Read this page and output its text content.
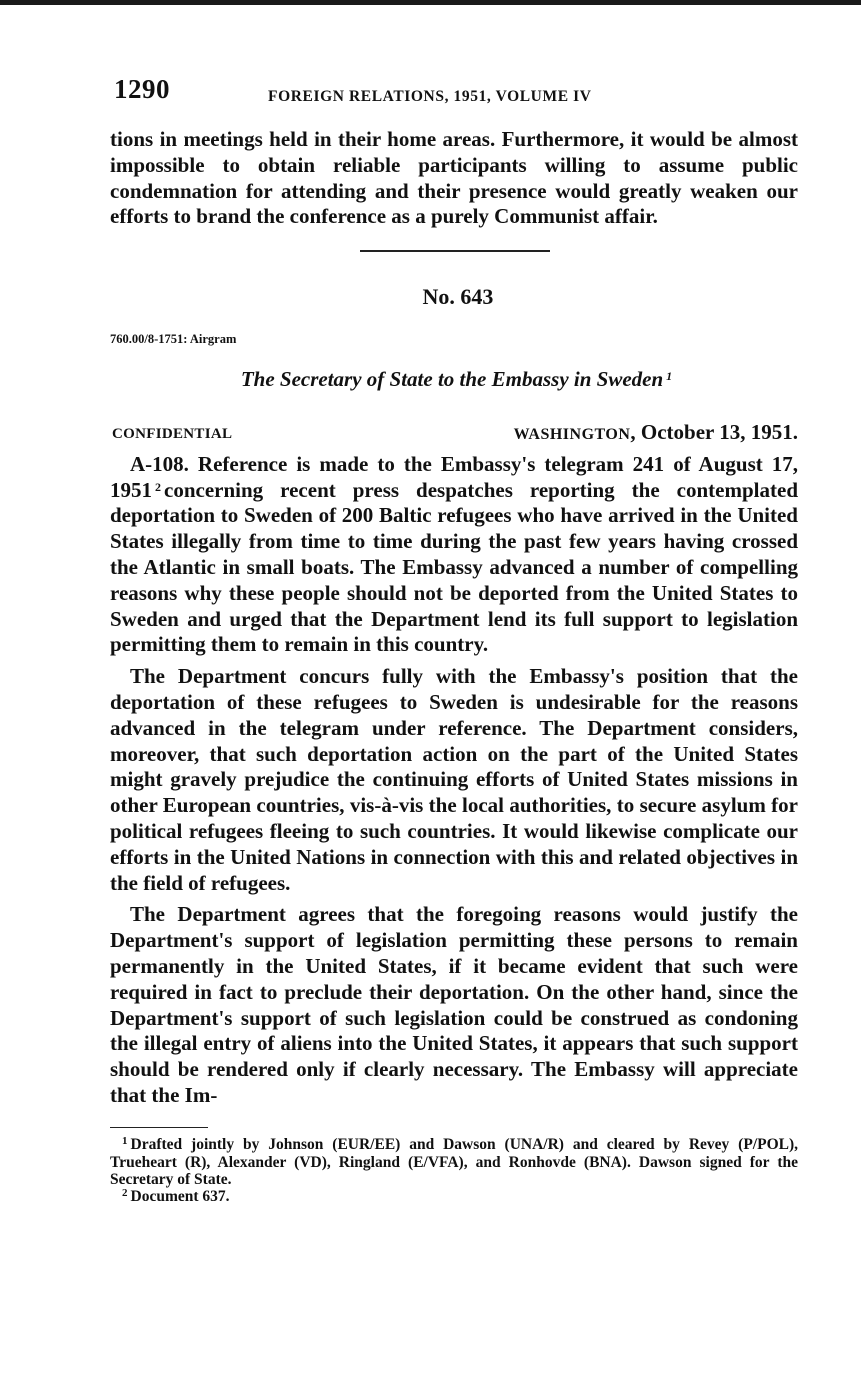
1290	FOREIGN RELATIONS, 1951, VOLUME IV

tions in meetings held in their home areas. Furthermore, it would be almost impossible to obtain reliable participants willing to assume public condemnation for attending and their presence would greatly weaken our efforts to brand the conference as a purely Communist affair.

No. 643
760.00/8-1751: Airgram
The Secretary of State to the Embassy in Sweden $^1$
CONFIDENTIAL	WASHINGTON, October 13, 1951.

A-108. Reference is made to the Embassy's telegram 241 of August 17, 1951 $^2$ concerning recent press despatches reporting the contemplated deportation to Sweden of 200 Baltic refugees who have arrived in the United States illegally from time to time during the past few years having crossed the Atlantic in small boats. The Embassy advanced a number of compelling reasons why these people should not be deported from the United States to Sweden and urged that the Department lend its full support to legislation permitting them to remain in this country.

The Department concurs fully with the Embassy's position that the deportation of these refugees to Sweden is undesirable for the reasons advanced in the telegram under reference. The Department considers, moreover, that such deportation action on the part of the United States might gravely prejudice the continuing efforts of United States missions in other European countries, vis-à-vis the local authorities, to secure asylum for political refugees fleeing to such countries. It would likewise complicate our efforts in the United Nations in connection with this and related objectives in the field of refugees.

The Department agrees that the foregoing reasons would justify the Department's support of legislation permitting these persons to remain permanently in the United States, if it became evident that such were required in fact to preclude their deportation. On the other hand, since the Department's support of such legislation could be construed as condoning the illegal entry of aliens into the United States, it appears that such support should be rendered only if clearly necessary. The Embassy will appreciate that the Im-

$^1$ Drafted jointly by Johnson (EUR/EE) and Dawson (UNA/R) and cleared by Revey (P/POL), Trueheart (R), Alexander (VD), Ringland (E/VFA), and Ronhovde (BNA). Dawson signed for the Secretary of State.

$^2$ Document 637.
